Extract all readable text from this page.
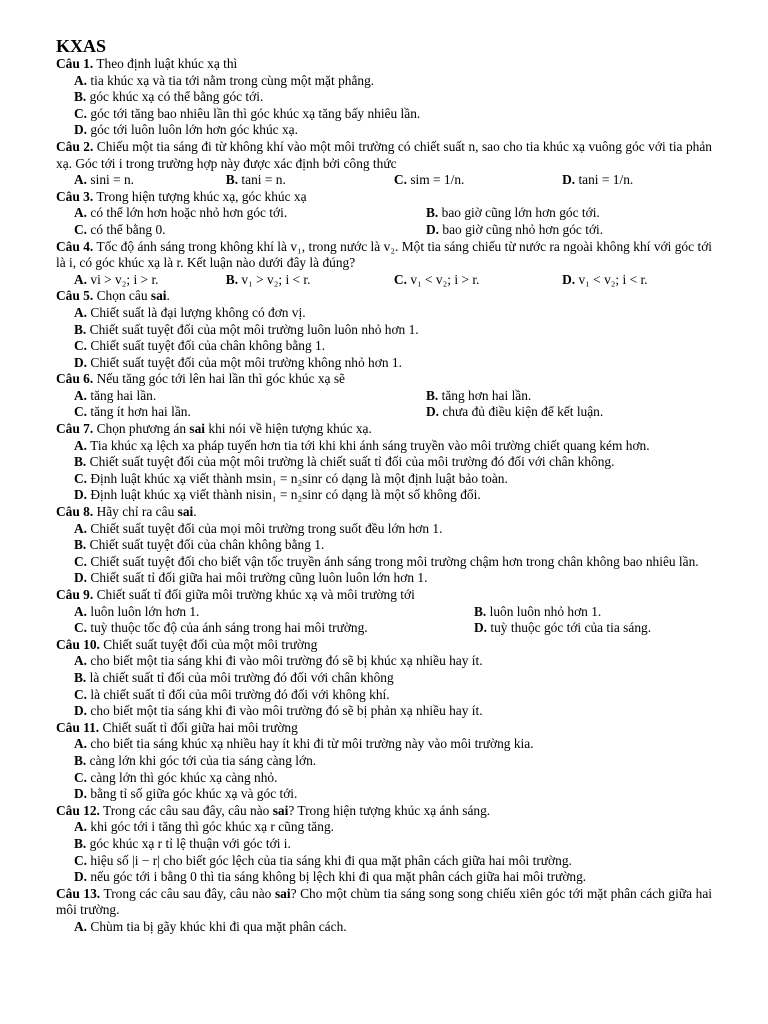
KXAS
Câu 1. Theo định luật khúc xạ thì
A. tia khúc xạ và tia tới nằm trong cùng một mặt phẳng.
B. góc khúc xạ có thể bằng góc tới.
C. góc tới tăng bao nhiêu lần thì góc khúc xạ tăng bấy nhiêu lần.
D. góc tới luôn luôn lớn hơn góc khúc xạ.
Câu 2. Chiếu một tia sáng đi từ không khí vào một môi trường có chiết suất n, sao cho tia khúc xạ vuông góc với tia phản xạ. Góc tới i trong trường hợp này được xác định bởi công thức
A. sini = n.	B. tani = n.	C. sim = 1/n.	D. tani = 1/n.
Câu 3. Trong hiện tượng khúc xạ, góc khúc xạ
A. có thể lớn hơn hoặc nhỏ hơn góc tới.	B. bao giờ cũng lớn hơn góc tới.
C. có thể bằng 0.	D. bao giờ cũng nhỏ hơn góc tới.
Câu 4. Tốc độ ánh sáng trong không khí là v₁, trong nước là v₂. Một tia sáng chiếu từ nước ra ngoài không khí với góc tới là i, có góc khúc xạ là r. Kết luận nào dưới đây là đúng?
A. vi > v₂; i > r.	B. v₁ > v₂; i < r.	C. v₁ < v₂; i > r.	D. v₁ < v₂; i < r.
Câu 5. Chọn câu sai.
A. Chiết suất là đại lượng không có đơn vị.
B. Chiết suất tuyệt đối của một môi trường luôn luôn nhỏ hơn 1.
C. Chiết suất tuyệt đối của chân không bằng 1.
D. Chiết suất tuyệt đối của một môi trường không nhỏ hơn 1.
Câu 6. Nếu tăng góc tới lên hai lần thì góc khúc xạ sẽ
A. tăng hai lần.	B. tăng hơn hai lần.
C. tăng ít hơn hai lần.	D. chưa đủ điều kiện để kết luận.
Câu 7. Chọn phương án sai khi nói về hiện tượng khúc xạ.
A. Tia khúc xạ lệch xa pháp tuyến hơn tia tới khi khi ánh sáng truyền vào môi trường chiết quang kém hơn.
B. Chiết suất tuyệt đối của một môi trường là chiết suất tỉ đối của môi trường đó đối với chân không.
C. Định luật khúc xạ viết thành msin₁ = n₂sinr có dạng là một định luật bảo toàn.
D. Định luật khúc xạ viết thành nisin₁ = n₂sinr có dạng là một số không đổi.
Câu 8. Hãy chỉ ra câu sai.
A. Chiết suất tuyệt đối của mọi môi trường trong suốt đều lớn hơn 1.
B. Chiết suất tuyệt đối của chân không bằng 1.
C. Chiết suất tuyệt đối cho biết vận tốc truyền ánh sáng trong môi trường chậm hơn trong chân không bao nhiêu lần.
D. Chiết suất tỉ đối giữa hai môi trường cũng luôn luôn lớn hơn 1.
Câu 9. Chiết suất tỉ đối giữa môi trường khúc xạ và môi trường tới
A. luôn luôn lớn hơn 1.	B. luôn luôn nhỏ hơn 1.
C. tuỳ thuộc tốc độ của ánh sáng trong hai môi trường.	D. tuỳ thuộc góc tới của tia sáng.
Câu 10. Chiết suất tuyệt đối của một môi trường
A. cho biết một tia sáng khi đi vào môi trường đó sẽ bị khúc xạ nhiều hay ít.
B. là chiết suất tỉ đối của môi trường đó đối với chân không
C. là chiết suất tỉ đối của môi trường đó đối với không khí.
D. cho biết một tia sáng khi đi vào môi trường đó sẽ bị phản xạ nhiều hay ít.
Câu 11. Chiết suất tỉ đối giữa hai môi trường
A. cho biết tia sáng khúc xạ nhiều hay ít khi đi từ môi trường này vào môi trường kia.
B. càng lớn khi góc tới của tia sáng càng lớn.
C. càng lớn thì góc khúc xạ càng nhỏ.
D. bằng tỉ số giữa góc khúc xạ và góc tới.
Câu 12. Trong các câu sau đây, câu nào sai? Trong hiện tượng khúc xạ ánh sáng.
A. khi góc tới i tăng thì góc khúc xạ r cũng tăng.
B. góc khúc xạ r tỉ lệ thuận với góc tới i.
C. hiệu số |i − r| cho biết góc lệch của tia sáng khi đi qua mặt phân cách giữa hai môi trường.
D. nếu góc tới i bằng 0 thì tia sáng không bị lệch khi đi qua mặt phân cách giữa hai môi trường.
Câu 13. Trong các câu sau đây, câu nào sai? Cho một chùm tia sáng song song chiếu xiên góc tới mặt phân cách giữa hai môi trường.
A. Chùm tia bị gãy khúc khi đi qua mặt phân cách.
